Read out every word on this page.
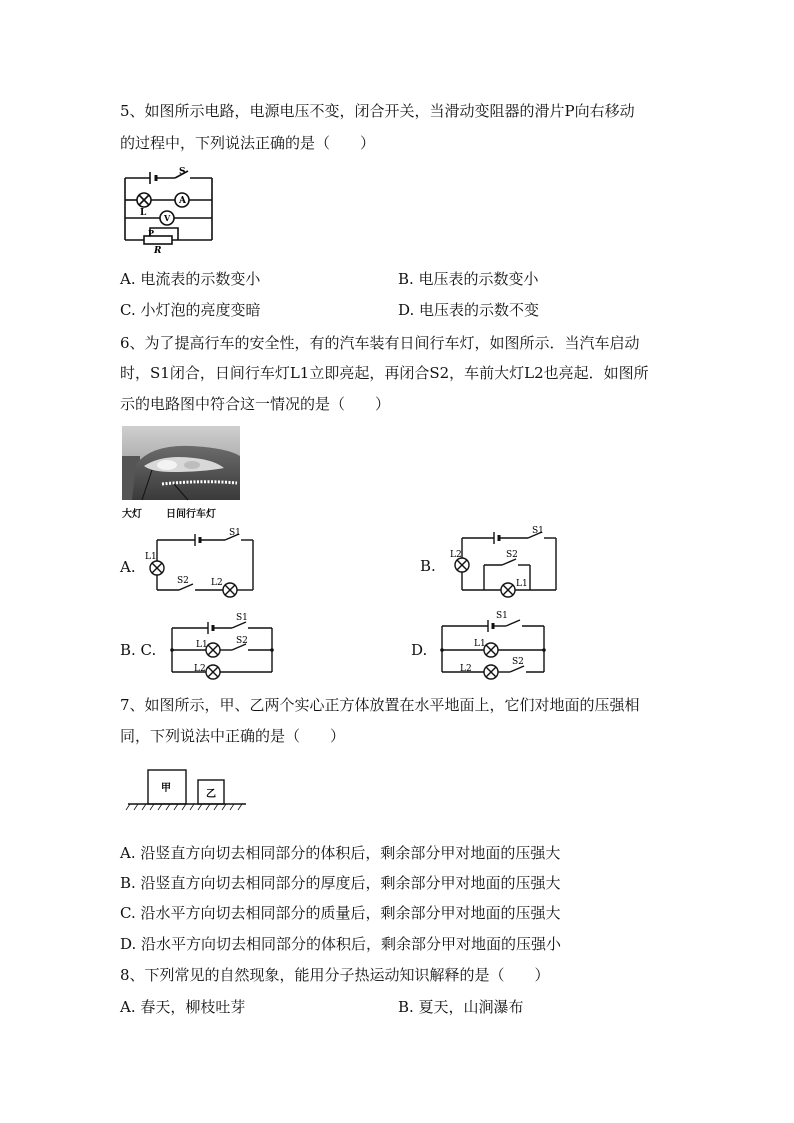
5、如图所示电路，电源电压不变，闭合开关，当滑动变阻器的滑片P向右移动
的过程中，下列说法正确的是（　　）
S
A
V
L
P
R
A. 电流表的示数变小	B. 电压表的示数变小
C. 小灯泡的亮度变暗	D. 电压表的示数不变
6、为了提高行车的安全性，有的汽车装有日间行车灯，如图所示．当汽车启动
时，S1闭合，日间行车灯L1立即亮起，再闭合S2，车前大灯L2也亮起．如图所
示的电路图中符合这一情况的是（　　）
大灯 日间行车灯
A.
S1
L1
S2 L2
B.
S1
L2	S2
L1
B. C.
S1
L1	S2
L2
D.
S1
L1
L2
S2
7、如图所示，甲、乙两个实心正方体放置在水平地面上，它们对地面的压强相
同，下列说法中正确的是（　　）
甲
乙
A. 沿竖直方向切去相同部分的体积后，剩余部分甲对地面的压强大
B. 沿竖直方向切去相同部分的厚度后，剩余部分甲对地面的压强大
C. 沿水平方向切去相同部分的质量后，剩余部分甲对地面的压强大
D. 沿水平方向切去相同部分的体积后，剩余部分甲对地面的压强小
8、下列常见的自然现象，能用分子热运动知识解释的是（　　）
A. 春天，柳枝吐芽	B. 夏天，山涧瀑布
